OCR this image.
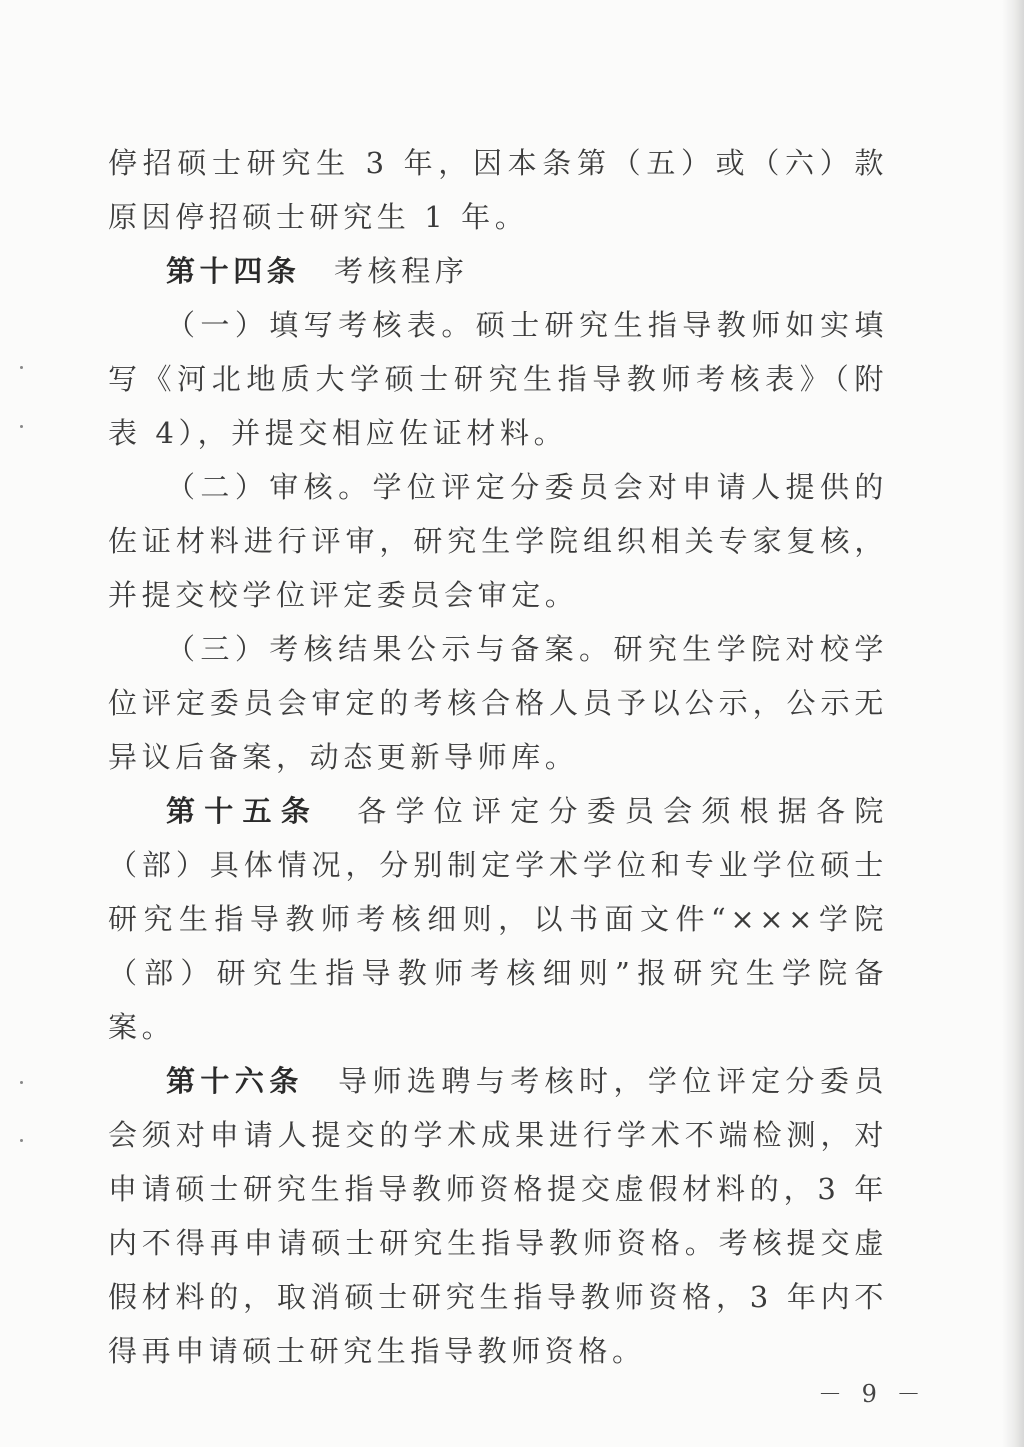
停招硕士研究生 3 年，因本条第（五）或（六）款原因停招硕士研究生 1 年。

第十四条　 考核程序

（一）填写考核表。硕士研究生指导教师如实填写《河北地质大学硕士研究生指导教师考核表》（附表 4），并提交相应佐证材料。

（二）审核。学位评定分委员会对申请人提供的佐证材料进行评审，研究生学院组织相关专家复核，并提交校学位评定委员会审定。

（三）考核结果公示与备案。研究生学院对校学位评定委员会审定的考核合格人员予以公示，公示无异议后备案，动态更新导师库。

第十五条　 各学位评定分委员会须根据各院（部）具体情况，分别制定学术学位和专业学位硕士研究生指导教师考核细则，以书面文件“×××学院（部）研究生指导教师考核细则”报研究生学院备案。

第十六条　 导师选聘与考核时，学位评定分委员会须对申请人提交的学术成果进行学术不端检测，对申请硕士研究生指导教师资格提交虚假材料的，3 年内不得再申请硕士研究生指导教师资格。考核提交虚假材料的，取消硕士研究生指导教师资格，3 年内不得再申请硕士研究生指导教师资格。

－ 9 －
